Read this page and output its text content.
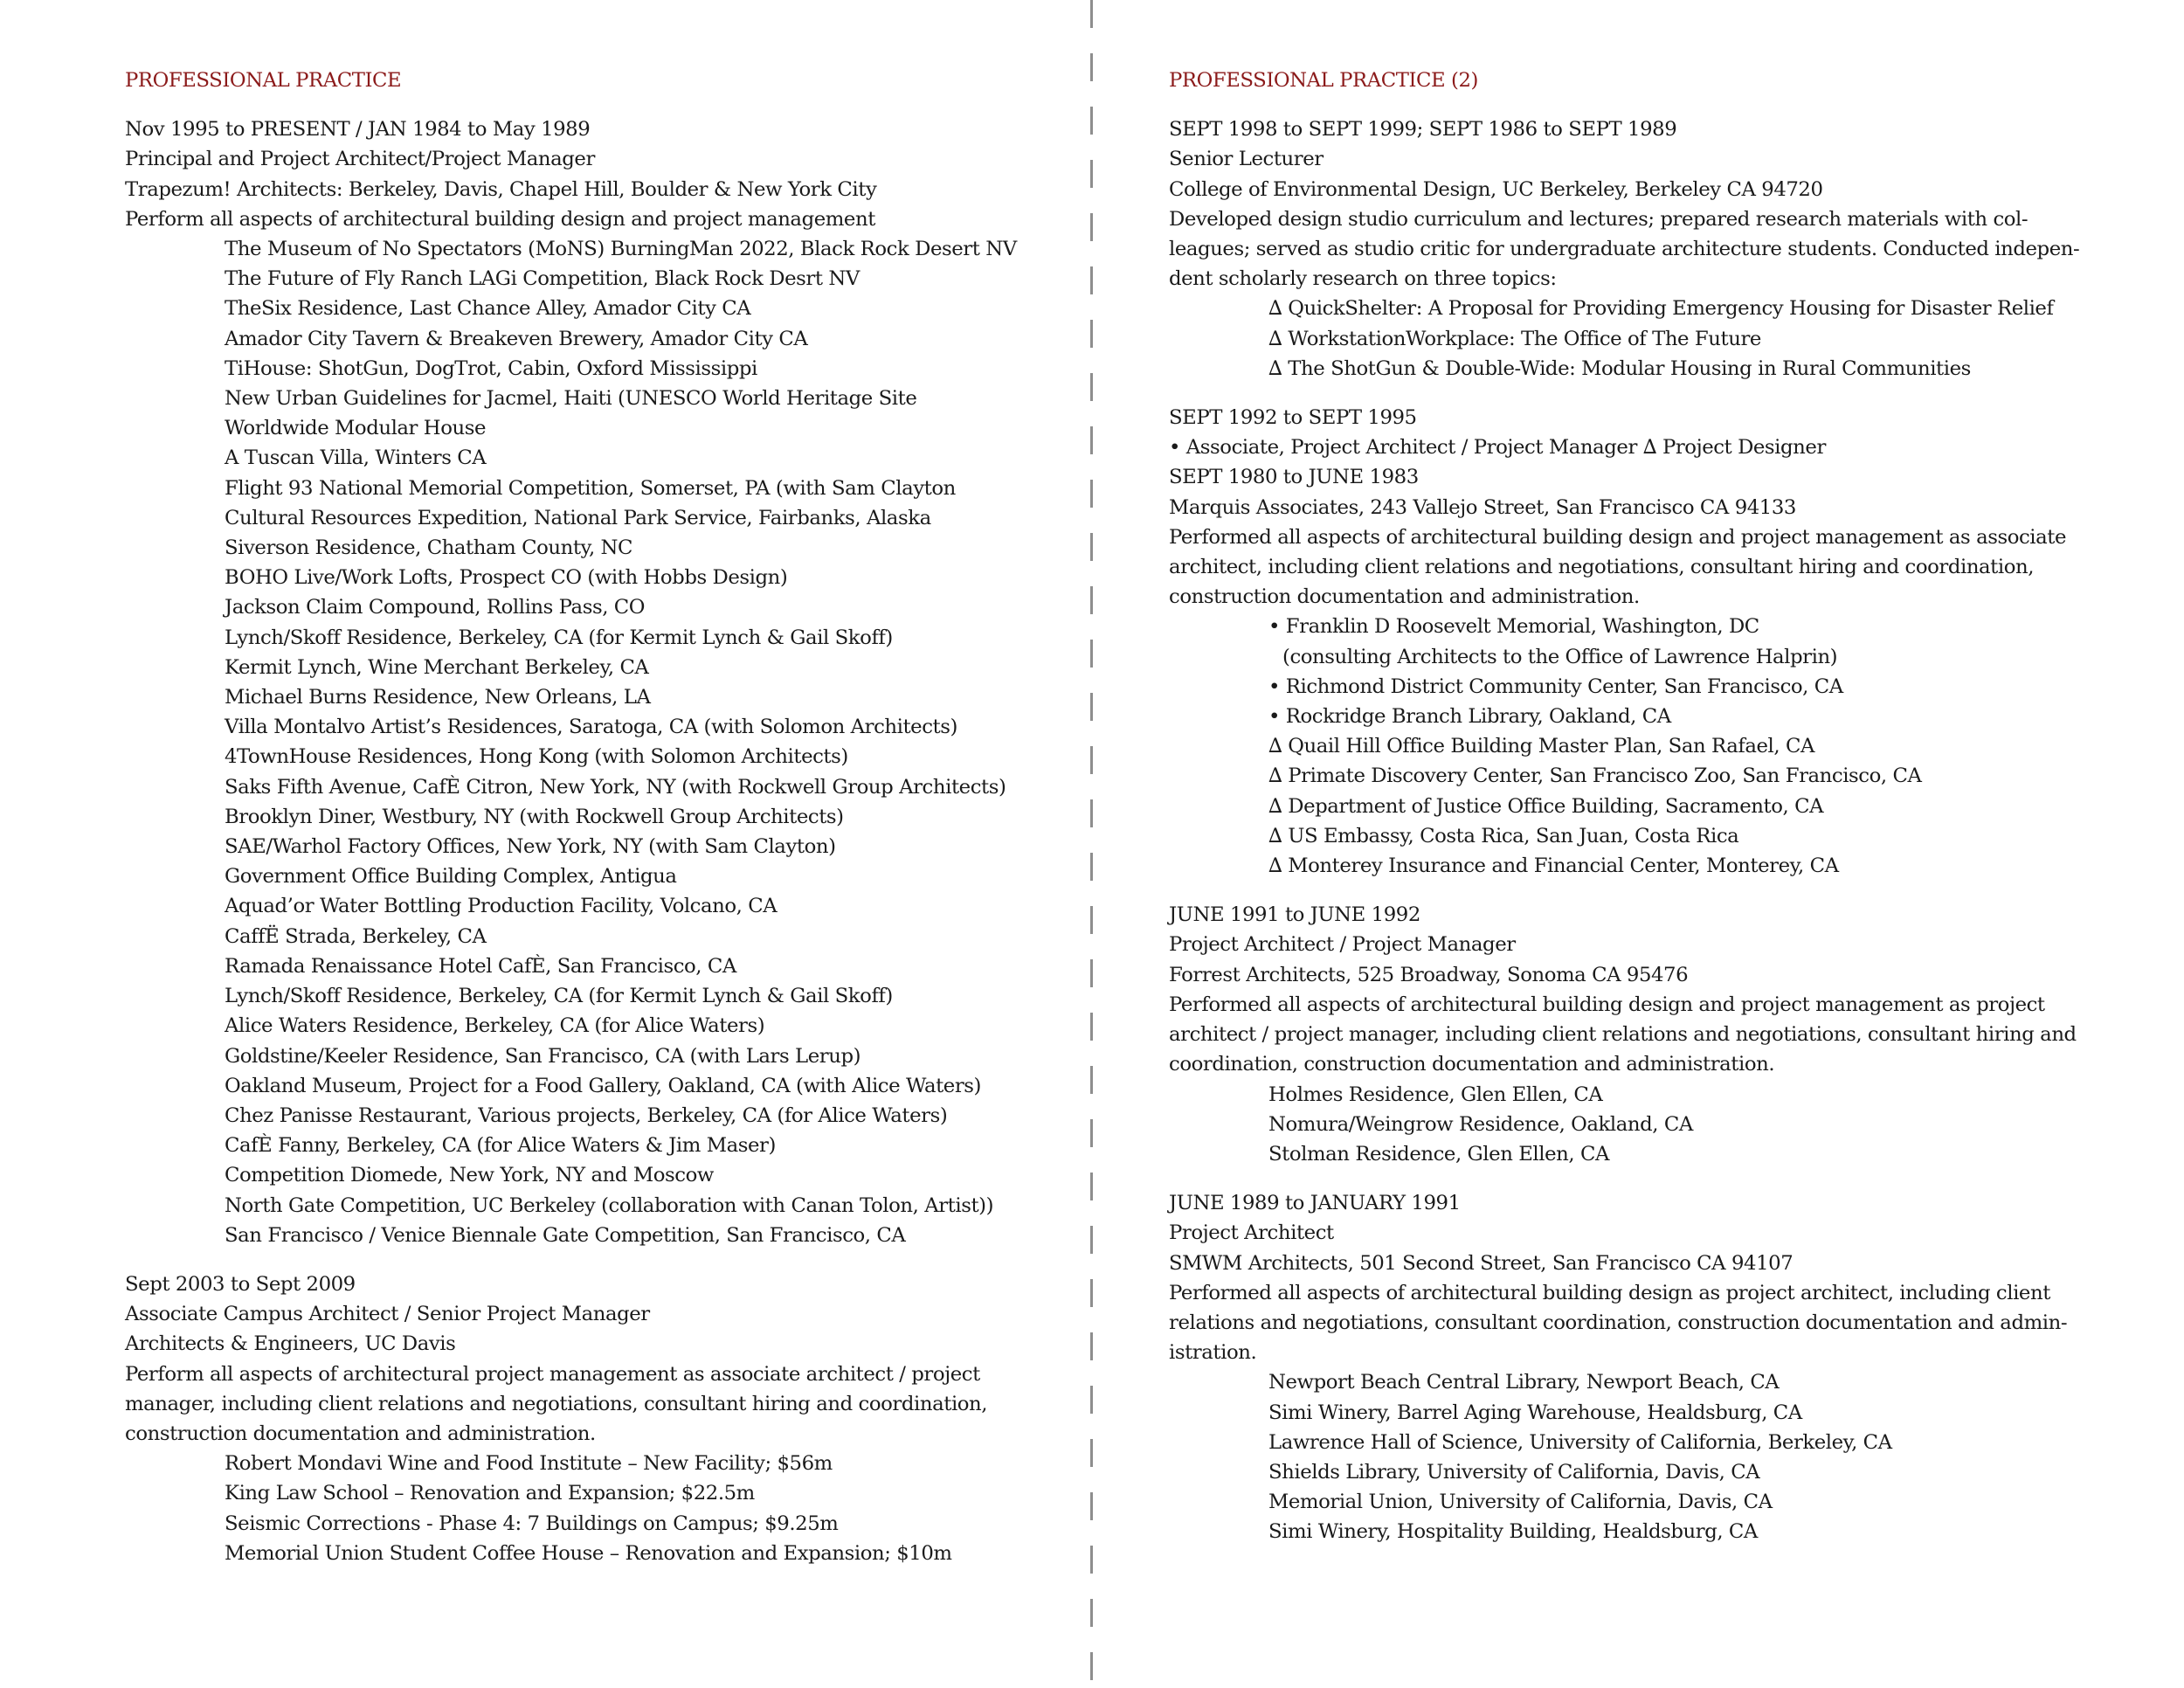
PROFESSIONAL PRACTICE
Nov 1995 to PRESENT / JAN 1984 to May 1989
Principal and Project Architect/Project Manager
Trapezum! Architects: Berkeley, Davis, Chapel Hill, Boulder & New York City
Perform all aspects of architectural building design and project management
The Museum of No Spectators (MoNS) BurningMan 2022, Black Rock Desert NV
The Future of Fly Ranch LAGi Competition, Black Rock Desrt NV
TheSix Residence, Last Chance Alley, Amador City CA
Amador City Tavern & Breakeven Brewery, Amador City CA
TiHouse: ShotGun, DogTrot, Cabin, Oxford Mississippi
New Urban Guidelines for Jacmel, Haiti (UNESCO World Heritage Site
Worldwide Modular House
A Tuscan Villa, Winters CA
Flight 93 National Memorial Competition, Somerset, PA (with Sam Clayton
Cultural Resources Expedition, National Park Service, Fairbanks, Alaska
Siverson Residence, Chatham County, NC
BOHO Live/Work Lofts, Prospect CO (with Hobbs Design)
Jackson Claim Compound, Rollins Pass, CO
Lynch/Skoff Residence, Berkeley, CA (for Kermit Lynch & Gail Skoff)
Kermit Lynch, Wine Merchant Berkeley, CA
Michael Burns Residence, New Orleans, LA
Villa Montalvo Artist’s Residences, Saratoga, CA (with Solomon Architects)
4TownHouse Residences, Hong Kong (with Solomon Architects)
Saks Fifth Avenue, CafÈ Citron, New York, NY (with Rockwell Group Architects)
Brooklyn Diner, Westbury, NY (with Rockwell Group Architects)
SAE/Warhol Factory Offices, New York, NY (with Sam Clayton)
Government Office Building Complex, Antigua
Aquad’or Water Bottling Production Facility, Volcano, CA
CaffË Strada, Berkeley, CA
Ramada Renaissance Hotel CafÈ, San Francisco, CA
Lynch/Skoff Residence, Berkeley, CA (for Kermit Lynch & Gail Skoff)
Alice Waters Residence, Berkeley, CA (for Alice Waters)
Goldstine/Keeler Residence, San Francisco, CA (with Lars Lerup)
Oakland Museum, Project for a Food Gallery, Oakland, CA (with Alice Waters)
Chez Panisse Restaurant, Various projects, Berkeley, CA (for Alice Waters)
CafÈ Fanny, Berkeley, CA (for Alice Waters & Jim Maser)
Competition Diomede, New York, NY and Moscow
North Gate Competition, UC Berkeley (collaboration with Canan Tolon, Artist))
San Francisco / Venice Biennale Gate Competition, San Francisco, CA
Sept 2003 to Sept 2009
Associate Campus Architect / Senior Project Manager
Architects & Engineers, UC Davis
Perform all aspects of architectural project management as associate architect / project
manager, including client relations and negotiations, consultant hiring and coordination,
construction documentation and administration.
Robert Mondavi Wine and Food Institute – New Facility; $56m
King Law School – Renovation and Expansion; $22.5m
Seismic Corrections - Phase 4: 7 Buildings on Campus; $9.25m
Memorial Union Student Coffee House – Renovation and Expansion; $10m
PROFESSIONAL PRACTICE (2)
SEPT 1998 to SEPT 1999; SEPT 1986 to SEPT 1989
Senior Lecturer
College of Environmental Design, UC Berkeley, Berkeley CA 94720
Developed design studio curriculum and lectures; prepared research materials with col-
leagues; served as studio critic for undergraduate architecture students. Conducted indepen-
dent scholarly research on three topics:
∆ QuickShelter: A Proposal for Providing Emergency Housing for Disaster Relief
∆ WorkstationWorkplace: The Office of The Future
∆ The ShotGun & Double-Wide: Modular Housing in Rural Communities
SEPT 1992 to SEPT 1995
• Associate, Project Architect / Project Manager ∆ Project Designer
SEPT 1980 to JUNE 1983
Marquis Associates, 243 Vallejo Street, San Francisco CA 94133
Performed all aspects of architectural building design and project management as associate
architect, including client relations and negotiations, consultant hiring and coordination,
construction documentation and administration.
• Franklin D Roosevelt Memorial, Washington, DC
(consulting Architects to the Office of Lawrence Halprin)
• Richmond District Community Center, San Francisco, CA
• Rockridge Branch Library, Oakland, CA
∆ Quail Hill Office Building Master Plan, San Rafael, CA
∆ Primate Discovery Center, San Francisco Zoo, San Francisco, CA
∆ Department of Justice Office Building, Sacramento, CA
∆ US Embassy, Costa Rica, San Juan, Costa Rica
∆ Monterey Insurance and Financial Center, Monterey, CA
JUNE 1991 to JUNE 1992
Project Architect / Project Manager
Forrest Architects, 525 Broadway, Sonoma CA 95476
Performed all aspects of architectural building design and project management as project
architect / project manager, including client relations and negotiations, consultant hiring and
coordination, construction documentation and administration.
Holmes Residence, Glen Ellen, CA
Nomura/Weingrow Residence, Oakland, CA
Stolman Residence, Glen Ellen, CA
JUNE 1989 to JANUARY 1991
Project Architect
SMWM Architects, 501 Second Street, San Francisco CA 94107
Performed all aspects of architectural building design as project architect, including client
relations and negotiations, consultant coordination, construction documentation and admin-
istration.
Newport Beach Central Library, Newport Beach, CA
Simi Winery, Barrel Aging Warehouse, Healdsburg, CA
Lawrence Hall of Science, University of California, Berkeley, CA
Shields Library, University of California, Davis, CA
Memorial Union, University of California, Davis, CA
Simi Winery, Hospitality Building, Healdsburg, CA
